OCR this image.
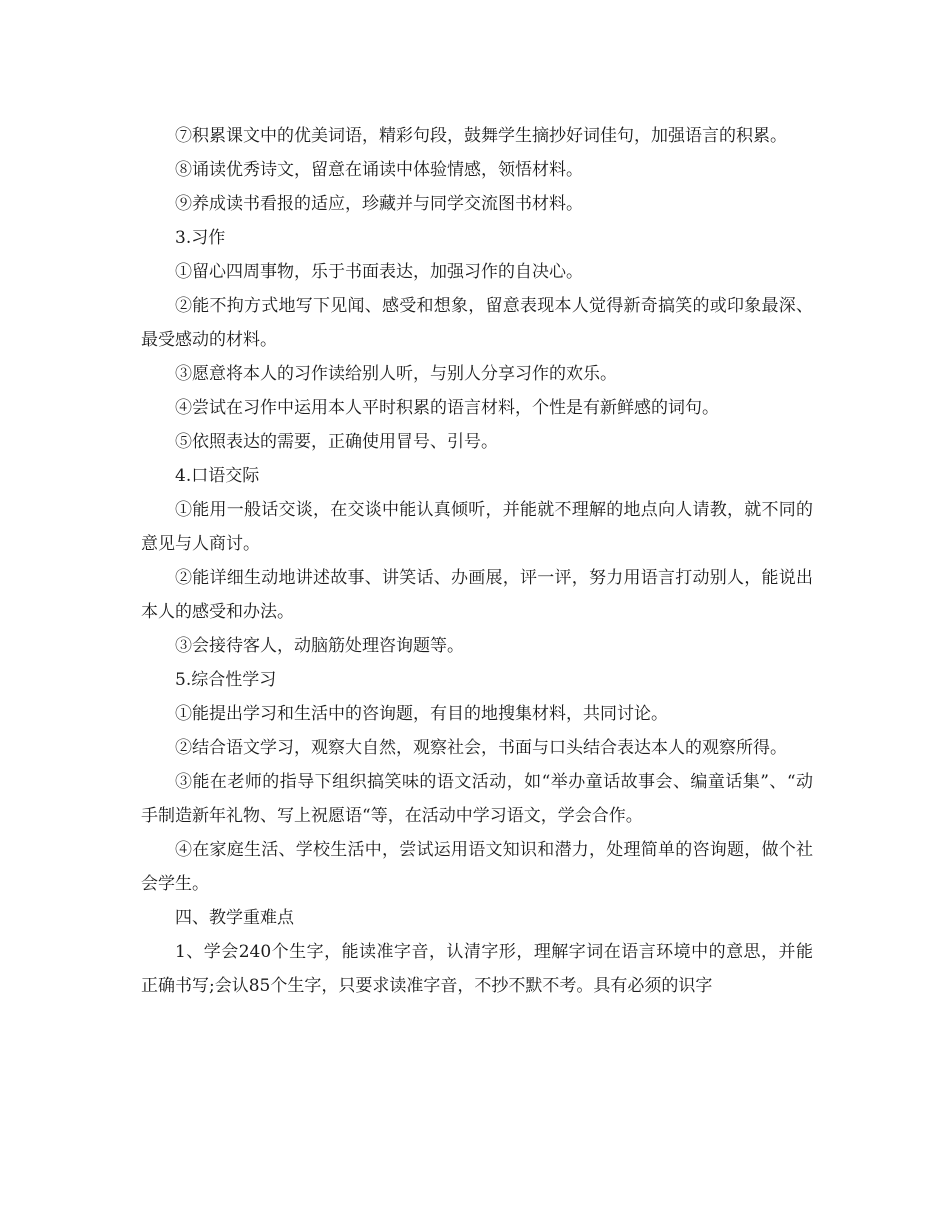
⑦积累课文中的优美词语，精彩句段，鼓舞学生摘抄好词佳句，加强语言的积累。

⑧诵读优秀诗文，留意在诵读中体验情感，领悟材料。

⑨养成读书看报的适应，珍藏并与同学交流图书材料。

3.习作

①留心四周事物，乐于书面表达，加强习作的自决心。

②能不拘方式地写下见闻、感受和想象，留意表现本人觉得新奇搞笑的或印象最深、最受感动的材料。

③愿意将本人的习作读给别人听，与别人分享习作的欢乐。

④尝试在习作中运用本人平时积累的语言材料，个性是有新鲜感的词句。

⑤依照表达的需要，正确使用冒号、引号。

4.口语交际

①能用一般话交谈，在交谈中能认真倾听，并能就不理解的地点向人请教，就不同的意见与人商讨。

②能详细生动地讲述故事、讲笑话、办画展，评一评，努力用语言打动别人，能说出本人的感受和办法。

③会接待客人，动脑筋处理咨询题等。

5.综合性学习

①能提出学习和生活中的咨询题，有目的地搜集材料，共同讨论。

②结合语文学习，观察大自然，观察社会，书面与口头结合表达本人的观察所得。

③能在老师的指导下组织搞笑味的语文活动，如“举办童话故事会、编童话集”、“动手制造新年礼物、写上祝愿语“等，在活动中学习语文，学会合作。

④在家庭生活、学校生活中，尝试运用语文知识和潜力，处理简单的咨询题，做个社会学生。

四、教学重难点

1、学会240个生字，能读准字音，认清字形，理解字词在语言环境中的意思，并能正确书写;会认85个生字，只要求读准字音，不抄不默不考。具有必须的识字
